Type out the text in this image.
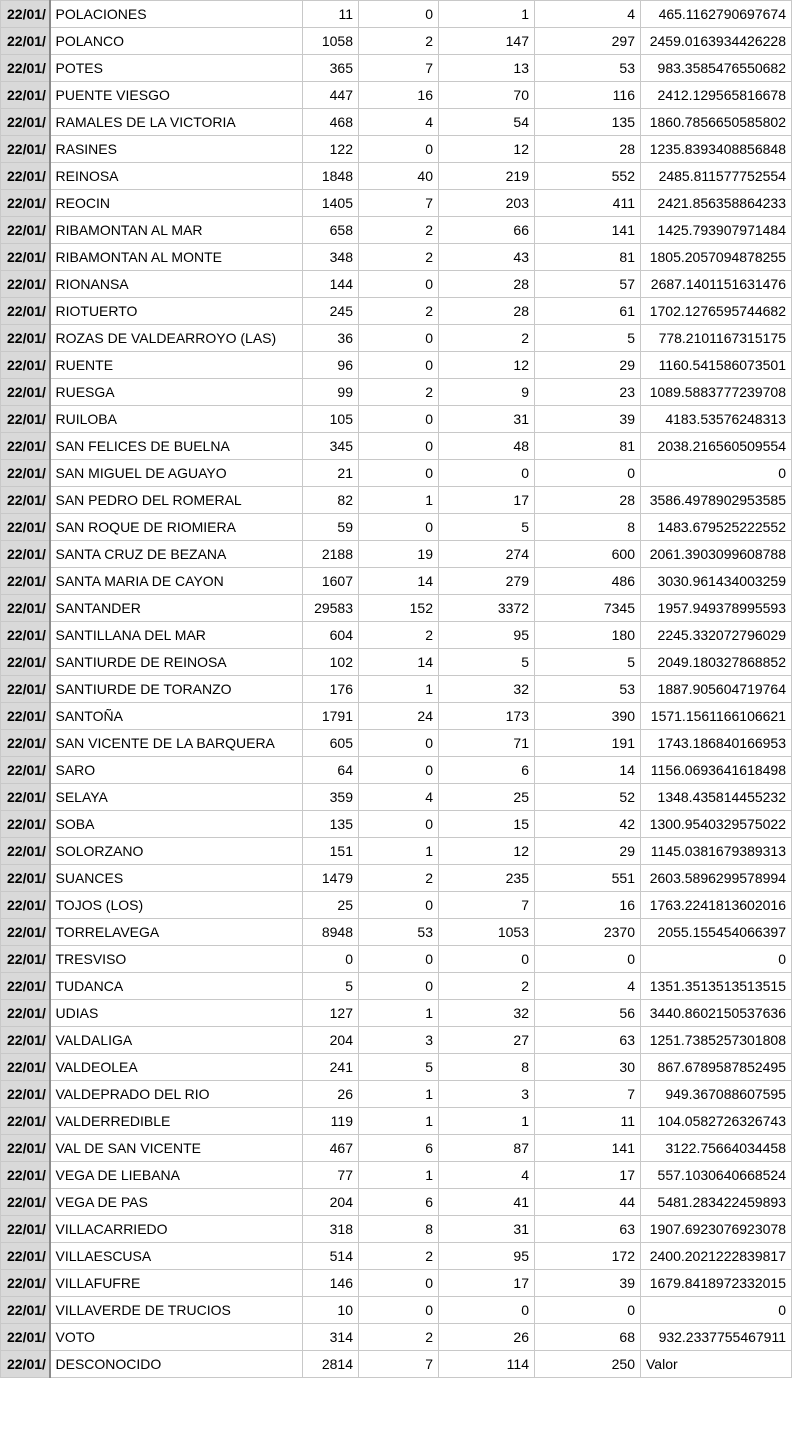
22/01/	POLACIONES	11	0	1	4	465.1162790697674
22/01/	POLANCO	1058	2	147	297	2459.0163934426228
22/01/	POTES	365	7	13	53	983.3585476550682
22/01/	PUENTE VIESGO	447	16	70	116	2412.129565816678
22/01/	RAMALES DE LA VICTORIA	468	4	54	135	1860.7856650585802
22/01/	RASINES	122	0	12	28	1235.8393408856848
22/01/	REINOSA	1848	40	219	552	2485.811577752554
22/01/	REOCIN	1405	7	203	411	2421.856358864233
22/01/	RIBAMONTAN AL MAR	658	2	66	141	1425.793907971484
22/01/	RIBAMONTAN AL MONTE	348	2	43	81	1805.2057094878255
22/01/	RIONANSA	144	0	28	57	2687.1401151631476
22/01/	RIOTUERTO	245	2	28	61	1702.1276595744682
22/01/	ROZAS DE VALDEARROYO (LAS)	36	0	2	5	778.2101167315175
22/01/	RUENTE	96	0	12	29	1160.541586073501
22/01/	RUESGA	99	2	9	23	1089.5883777239708
22/01/	RUILOBA	105	0	31	39	4183.53576248313
22/01/	SAN FELICES DE BUELNA	345	0	48	81	2038.216560509554
22/01/	SAN MIGUEL DE AGUAYO	21	0	0	0	0
22/01/	SAN PEDRO DEL ROMERAL	82	1	17	28	3586.4978902953585
22/01/	SAN ROQUE DE RIOMIERA	59	0	5	8	1483.679525222552
22/01/	SANTA CRUZ DE BEZANA	2188	19	274	600	2061.3903099608788
22/01/	SANTA MARIA DE CAYON	1607	14	279	486	3030.961434003259
22/01/	SANTANDER	29583	152	3372	7345	1957.949378995593
22/01/	SANTILLANA DEL MAR	604	2	95	180	2245.332072796029
22/01/	SANTIURDE DE REINOSA	102	14	5	5	2049.180327868852
22/01/	SANTIURDE DE TORANZO	176	1	32	53	1887.905604719764
22/01/	SANTOÑA	1791	24	173	390	1571.1561166106621
22/01/	SAN VICENTE DE LA BARQUERA	605	0	71	191	1743.186840166953
22/01/	SARO	64	0	6	14	1156.0693641618498
22/01/	SELAYA	359	4	25	52	1348.435814455232
22/01/	SOBA	135	0	15	42	1300.9540329575022
22/01/	SOLORZANO	151	1	12	29	1145.0381679389313
22/01/	SUANCES	1479	2	235	551	2603.5896299578994
22/01/	TOJOS (LOS)	25	0	7	16	1763.2241813602016
22/01/	TORRELAVEGA	8948	53	1053	2370	2055.155454066397
22/01/	TRESVISO	0	0	0	0	0
22/01/	TUDANCA	5	0	2	4	1351.3513513513515
22/01/	UDIAS	127	1	32	56	3440.8602150537636
22/01/	VALDALIGA	204	3	27	63	1251.7385257301808
22/01/	VALDEOLEA	241	5	8	30	867.6789587852495
22/01/	VALDEPRADO DEL RIO	26	1	3	7	949.367088607595
22/01/	VALDERREDIBLE	119	1	1	11	104.0582726326743
22/01/	VAL DE SAN VICENTE	467	6	87	141	3122.75664034458
22/01/	VEGA DE LIEBANA	77	1	4	17	557.1030640668524
22/01/	VEGA DE PAS	204	6	41	44	5481.283422459893
22/01/	VILLACARRIEDO	318	8	31	63	1907.6923076923078
22/01/	VILLAESCUSA	514	2	95	172	2400.2021222839817
22/01/	VILLAFUFRE	146	0	17	39	1679.8418972332015
22/01/	VILLAVERDE DE TRUCIOS	10	0	0	0	0
22/01/	VOTO	314	2	26	68	932.2337755467911
22/01/	DESCONOCIDO	2814	7	114	250	Valor
